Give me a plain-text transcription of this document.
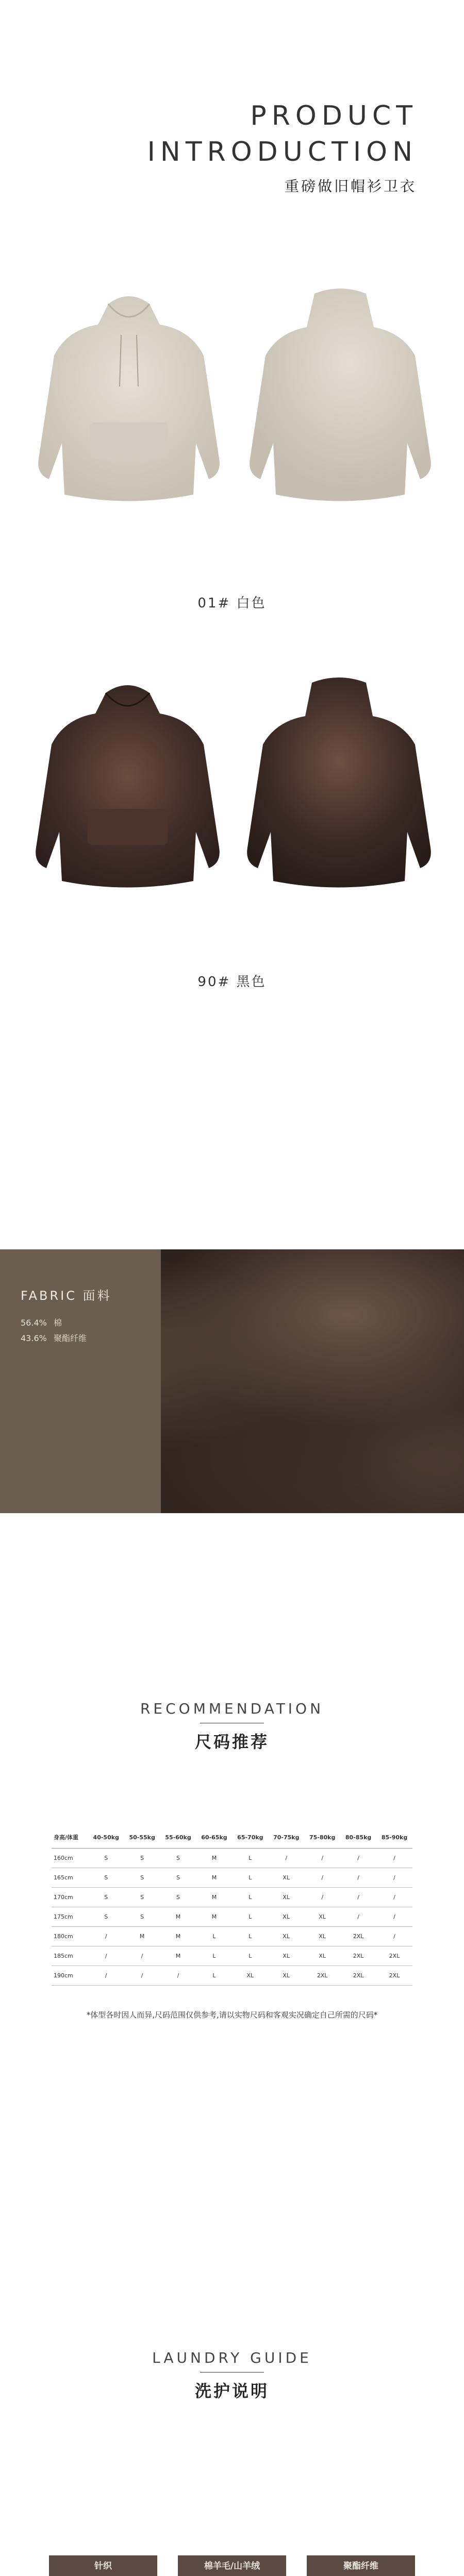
PRODUCT
INTRODUCTION
重磅做旧帽衫卫衣
01# 白色
90# 黑色
FABRIC 面料
56.4% 棉
43.6% 聚酯纤维
RECOMMENDATION
尺码推荐
身高/体重	40-50kg	50-55kg	55-60kg	60-65kg	65-70kg	70-75kg	75-80kg	80-85kg	85-90kg
160cm	S	S	S	M	L	/	/	/	/
165cm	S	S	S	M	L	XL	/	/	/
170cm	S	S	S	M	L	XL	/	/	/
175cm	S	S	M	M	L	XL	XL	/	/
180cm	/	M	M	L	L	XL	XL	2XL	/
185cm	/	/	M	L	L	XL	XL	2XL	2XL
190cm	/	/	/	L	XL	XL	2XL	2XL	2XL
*体型各时因人而异,尺码范围仅供参考,请以实物尺码和客观实况确定自己所需的尺码*
LAUNDRY GUIDE
洗护说明
针织	棉羊毛/山羊绒	聚酯纤维
